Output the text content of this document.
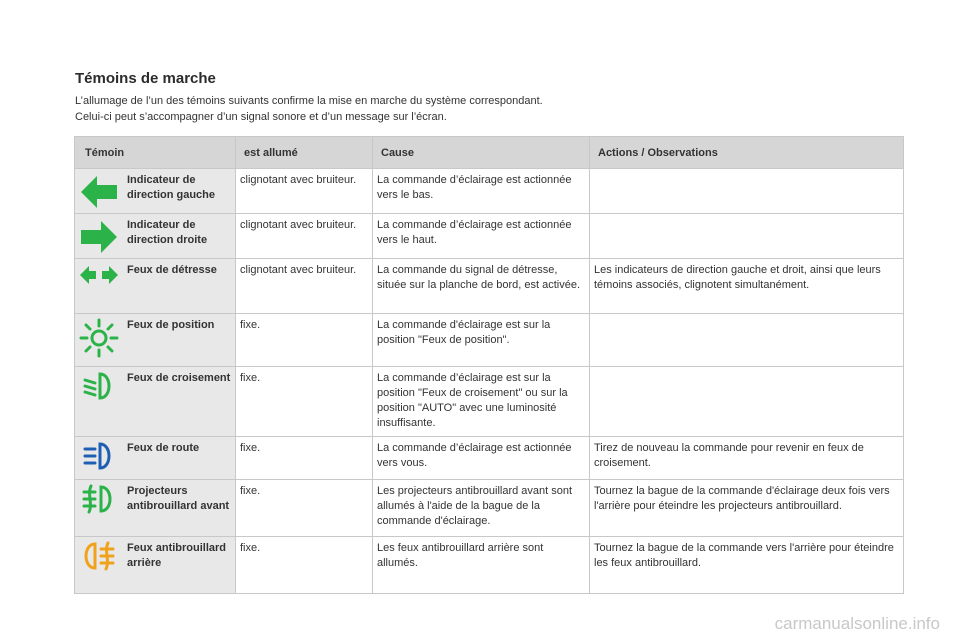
Témoins de marche

L’allumage de l’un des témoins suivants confirme la mise en marche du système correspondant.

Celui-ci peut s’accompagner d’un signal sonore et d’un message sur l’écran.

Témoin		est allumé	Cause	Actions / Observations

	Indicateur de direction gauche	clignotant avec bruiteur.	La commande d’éclairage est actionnée vers le bas.	

	Indicateur de direction droite	clignotant avec bruiteur.	La commande d’éclairage est actionnée vers le haut.	

	Feux de détresse	clignotant avec bruiteur.	La commande du signal de détresse, située sur la planche de bord, est activée.	Les indicateurs de direction gauche et droit, ainsi que leurs témoins associés, clignotent simultanément.

	Feux de position	fixe.	La commande d'éclairage est sur la position "Feux de position".	

	Feux de croisement	fixe.	La commande d’éclairage est sur la position "Feux de croisement" ou sur la position "AUTO" avec une luminosité insuffisante.	

	Feux de route	fixe.	La commande d’éclairage est actionnée vers vous.	Tirez de nouveau la commande pour revenir en feux de croisement.

	Projecteurs antibrouillard avant	fixe.	Les projecteurs antibrouillard avant sont allumés à l'aide de la bague de la commande d'éclairage.	Tournez la bague de la commande d'éclairage deux fois vers l'arrière pour éteindre les projecteurs antibrouillard.

	Feux antibrouillard arrière	fixe.	Les feux antibrouillard arrière sont allumés.	Tournez la bague de la commande vers l'arrière pour éteindre les feux antibrouillard.
carmanualsonline.info
